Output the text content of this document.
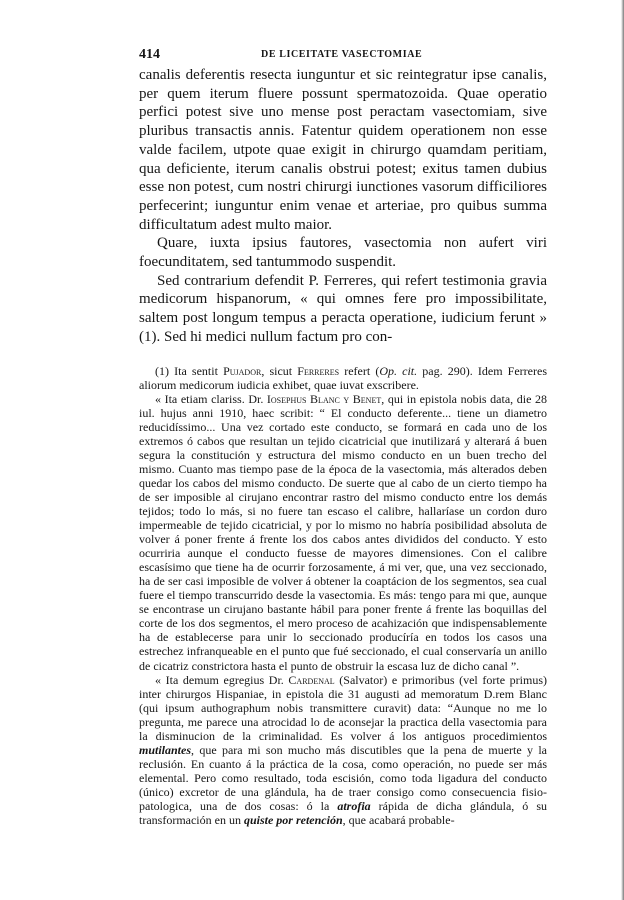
414	DE LICEITATE VASECTOMIAE

canalis deferentis resecta iunguntur et sic reintegratur ipse canalis, per quem iterum fluere possunt spermatozoida. Quae operatio perfici potest sive uno mense post peractam vasectomiam, sive pluribus transactis annis. Fatentur quidem operationem non esse valde facilem, utpote quae exigit in chirurgo quamdam peritiam, qua deficiente, iterum canalis obstrui potest; exitus tamen dubius esse non potest, cum nostri chirurgi iunctiones vasorum difficiliores perfecerint; iunguntur enim venae et arteriae, pro quibus summa difficultatum adest multo maior.

Quare, iuxta ipsius fautores, vasectomia non aufert viri foecunditatem, sed tantummodo suspendit.

Sed contrarium defendit P. Ferreres, qui refert testimonia gravia medicorum hispanorum, « qui omnes fere pro impossibilitate, saltem post longum tempus a peracta operatione, iudicium ferunt » (1). Sed hi medici nullum factum pro con-

(1) Ita sentit Pujador, sicut Ferreres refert (Op. cit. pag. 290). Idem Ferreres aliorum medicorum iudicia exhibet, quae iuvat exscribere.

« Ita etiam clariss. Dr. Iosephus Blanc y Benet, qui in epistola nobis data, die 28 iul. hujus anni 1910, haec scribit: “ El conducto deferente... tiene un diametro reducidíssimo... Una vez cortado este conducto, se formará en cada uno de los extremos ó cabos que resultan un tejido cicatricial que inutilizará y alterará á buen segura la constitución y estructura del mismo conducto en un buen trecho del mismo. Cuanto mas tiempo pase de la época de la vasectomia, más alterados deben quedar los cabos del mismo conducto. De suerte que al cabo de un cierto tiempo ha de ser imposible al cirujano encontrar rastro del mismo conducto entre los demás tejidos; todo lo más, si no fuere tan escaso el calibre, hallaríase un cordon duro impermeable de tejido cicatricial, y por lo mismo no habría posibilidad absoluta de volver á poner frente á frente los dos cabos antes divididos del conducto. Y esto ocurriria aunque el conducto fuesse de mayores dimensiones. Con el calibre escasísimo que tiene ha de ocurrir forzosamente, á mi ver, que, una vez seccionado, ha de ser casi imposible de volver á obtener la coaptácion de los segmentos, sea cual fuere el tiempo transcurrido desde la vasectomia. Es más: tengo para mi que, aunque se encontrase un cirujano bastante hábil para poner frente á frente las boquillas del corte de los dos segmentos, el mero proceso de acahización que indispensablemente ha de establecerse para unir lo seccionado producíría en todos los casos una estrechez infranqueable en el punto que fué seccionado, el cual conservaría un anillo de cicatriz constrictora hasta el punto de obstruir la escasa luz de dicho canal ”.

« Ita demum egregius Dr. Cardenal (Salvator) e primoribus (vel forte primus) inter chirurgos Hispaniae, in epistola die 31 augusti ad memoratum D.rem Blanc (qui ipsum authographum nobis transmittere curavit) data: “Aunque no me lo pregunta, me parece una atrocidad lo de aconsejar la practica della vasectomia para la disminucion de la criminalidad. Es volver á los antiguos procedimientos mutilantes, que para mi son mucho más discutibles que la pena de muerte y la reclusión. En cuanto á la práctica de la cosa, como operación, no puede ser más elemental. Pero como resultado, toda escisión, como toda ligadura del conducto (único) excretor de una glándula, ha de traer consigo como consecuencia fisio-patologica, una de dos cosas: ó la atrofia rápida de dicha glándula, ó su transformación en un quiste por retención, que acabará probable-
